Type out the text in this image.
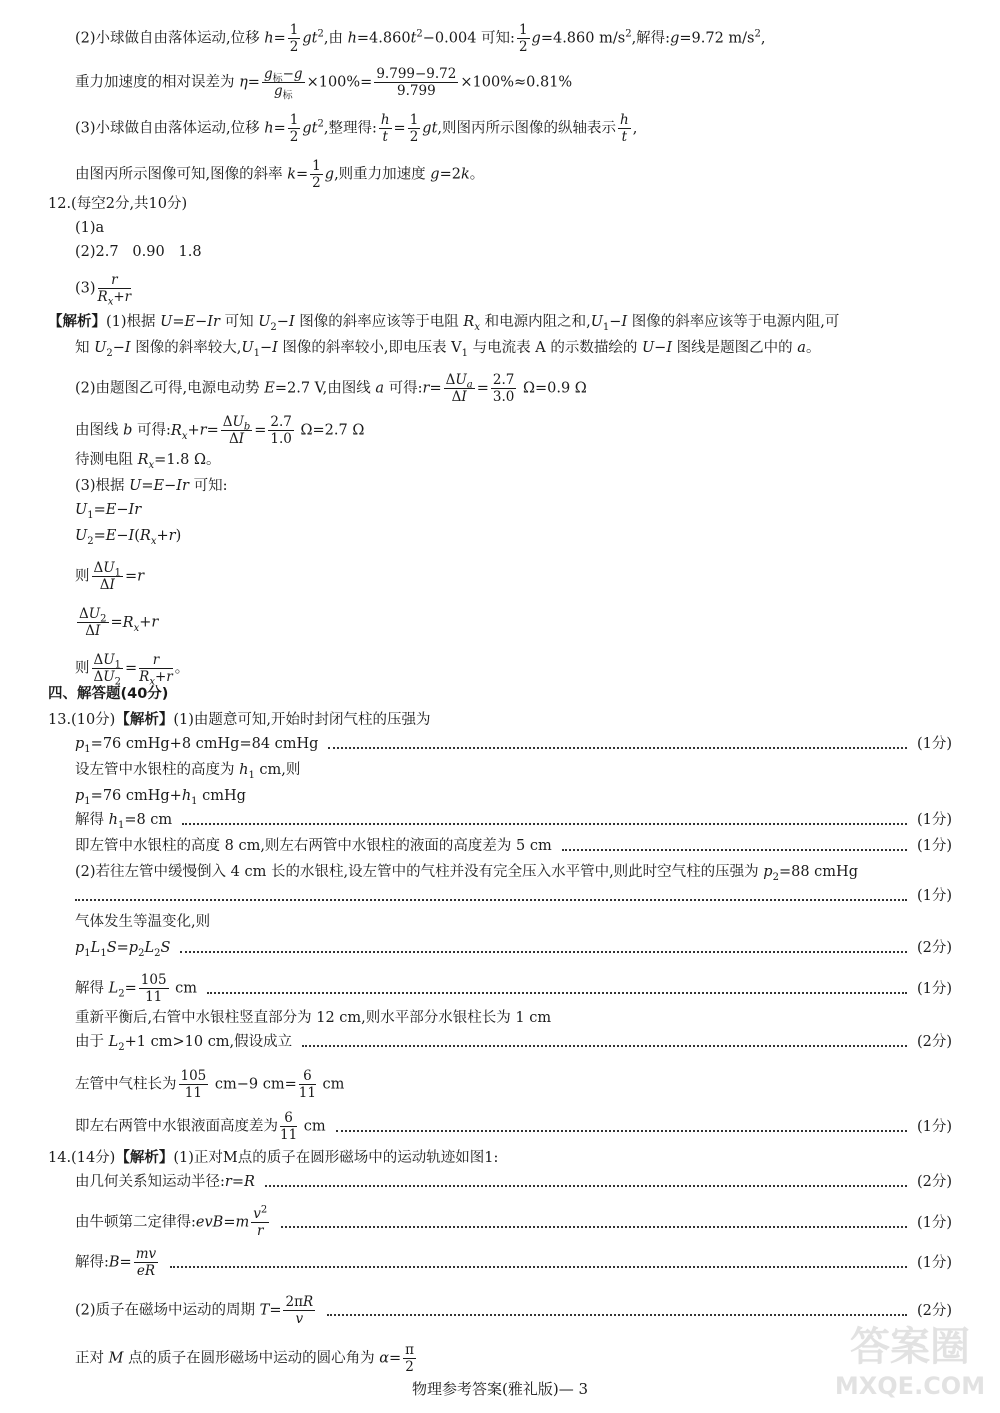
(2)小球做自由落体运动,位移 $h= \frac{1}{2} gt^2$,由 $h=4.860t^2-0.004$ 可知: $\frac{1}{2} g=4.860$ $m/s^2$,解得:g=9.72 $m/s^2$,
重力加速度的相对误差为 η=
$g_标-g$
$g_标$
$\times 100\%= \frac{9.799-9.72}{9.799} \times 100\%\approx 0.81\%$
(3)小球做自由落体运动,位移 $h= \frac{1}{2} gt^2$,整理得: $\frac{h}{t} = \frac{1}{2}$ gt,则图丙所示图像的纵轴表示 $\frac{h}{t}$ ,
由图丙所示图像可知,图像的斜率 $k= \frac{1}{2} g$,则重力加速度 g=2k。
12.(每空2分,共10分)
(1)a
(2)2.7   0.90   1.8
$(3) \frac{r}{R_x+r}$
【解析】(1)根据 U=E−Ir 可知 $U_2-I$ 图像的斜率应该等于电阻 $R_x$ 和电源内阻之和$,U_1-I$ 图像的斜率应该等于电源内阻,可
知 $U_2-I$ 图像的斜率较大$,U_1-I$ 图像的斜率较小,即电压表 $V_1$ 与电流表 A 的示数描绘的 U−I 图线是题图乙中的 a。
(2)由题图乙可得,电源电动势 E=2.7 V,由图线 a 可得:r=
$\Delta U_a$
ΔI
= $\frac{2.7}{3.0} \Omega=0.9$ Ω
由图线 b 可得$:R_x+r=$
$\Delta U_b$
ΔI
= $\frac{2.7}{1.0} \Omega=2.7$ Ω
待测电阻 $R_x=1.8$ Ω。
(3)根据 U=E−Ir 可知:
$U_1=E-Ir$
$U_2=E-I(R_x+r)$
则 $\frac{\Delta U_1}{\Delta I} =r$
$\frac{\Delta U_2}{\Delta I} =R_x+r$
则 $\frac{\Delta U_1}{\Delta U_2} = \frac{r}{R_x+r}$ 。
四、解答题(40分)
13.(10分)【解析】(1)由题意可知,开始时封闭气柱的压强为
$p_1=76$ cmHg+8 cmHg=84 cmHg	(1分)
设左管中水银柱的高度为 $h_1$ cm,则
$p_1=76$ $cmHg+h_1$ cmHg
解得 $h_1=8$ cm	(1分)
即左管中水银柱的高度 8 cm,则左右两管中水银柱的液面的高度差为 5 cm	(1分)
(2)若往左管中缓慢倒入 4 cm 长的水银柱,设左管中的气柱并没有完全压入水平管中,则此时空气柱的压强为 $p_2=88$ cmHg
(1分)
气体发生等温变化,则
$p_1L_1S=p_2L_2S$	(2分)
解得 $L_2= \frac{105}{11}$ cm	(1分)
重新平衡后,右管中水银柱竖直部分为 12 cm,则水平部分水银柱长为 1 cm
由于 $L_2+1$ cm>10 cm,假设成立	(2分)
左管中气柱长为 $\frac{105}{11} cm-9$ $cm= \frac{6}{11}$ cm
即左右两管中水银液面高度差为 $\frac{6}{11}$ cm	(1分)
14.(14分)【解析】(1)正对M点的质子在圆形磁场中的运动轨迹如图1:
由几何关系知运动半径:r=R	(2分)
由牛顿第二定律得:evB=m $\frac{v^2}{r}$	(1分)
解得:B= $\frac{mv}{eR}$	(1分)
(2)质子在磁场中运动的周期 $T= \frac{2\pi R}{v}$	(2分)
正对 M 点的质子在圆形磁场中运动的圆心角为 $\alpha= \frac{\pi}{2}$
物理参考答案(雅礼版)— 3
答案圈
MXQE.COM
